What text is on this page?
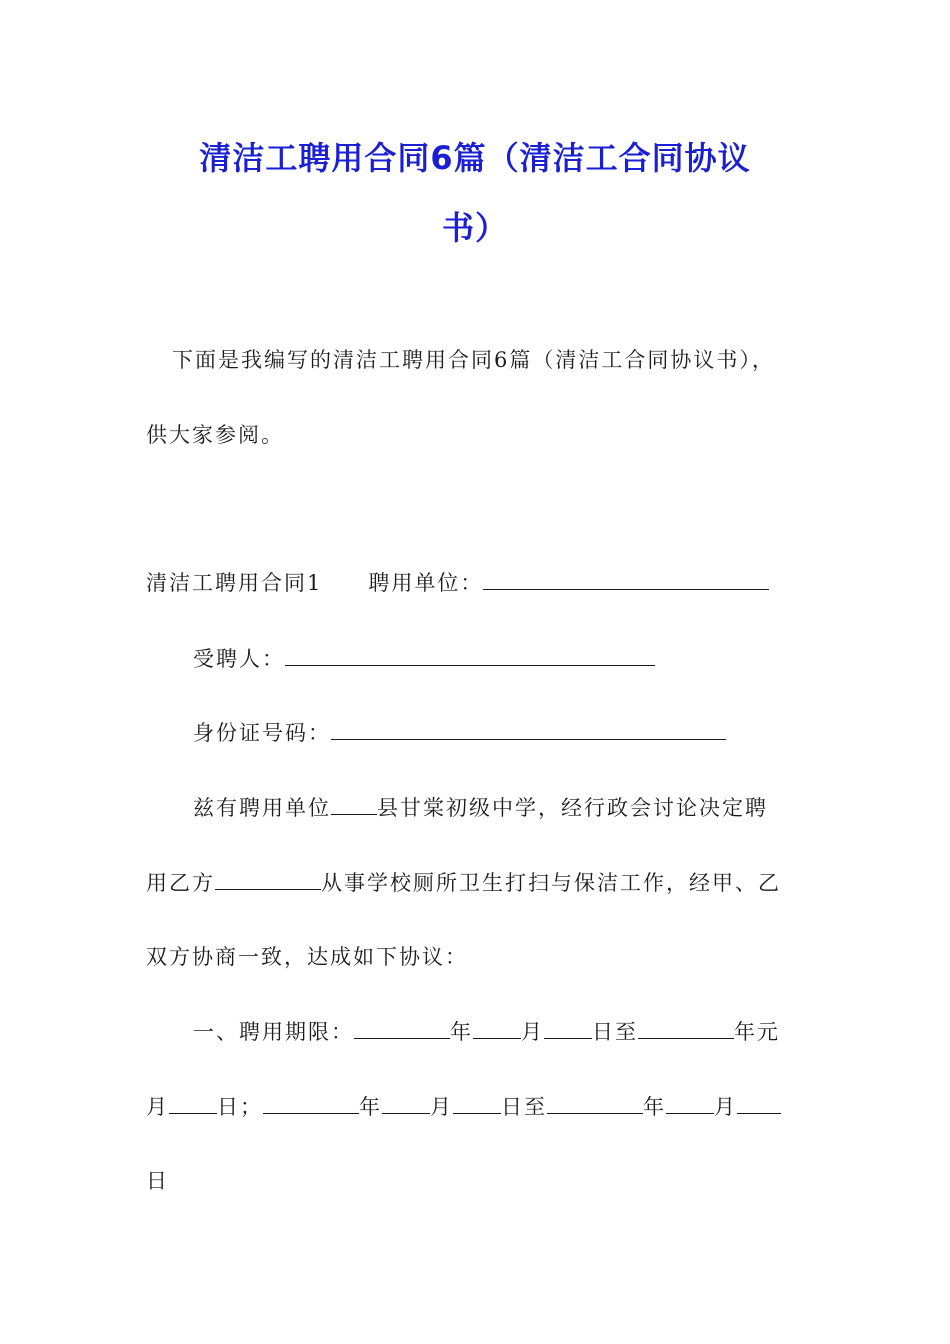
清洁工聘用合同6篇（清洁工合同协议
书）
下面是我编写的清洁工聘用合同6篇（清洁工合同协议书），
供大家参阅。
清洁工聘用合同1 聘用单位：
受聘人：
身份证号码：
兹有聘用单位 县甘棠初级中学，经行政会讨论决定聘
用乙方	从事学校厕所卫生打扫与保洁工作，经甲、乙
双方协商一致，达成如下协议：
一、聘用期限：	年 月 日至	年元
月 日；	年 月 日至	年 月
日
